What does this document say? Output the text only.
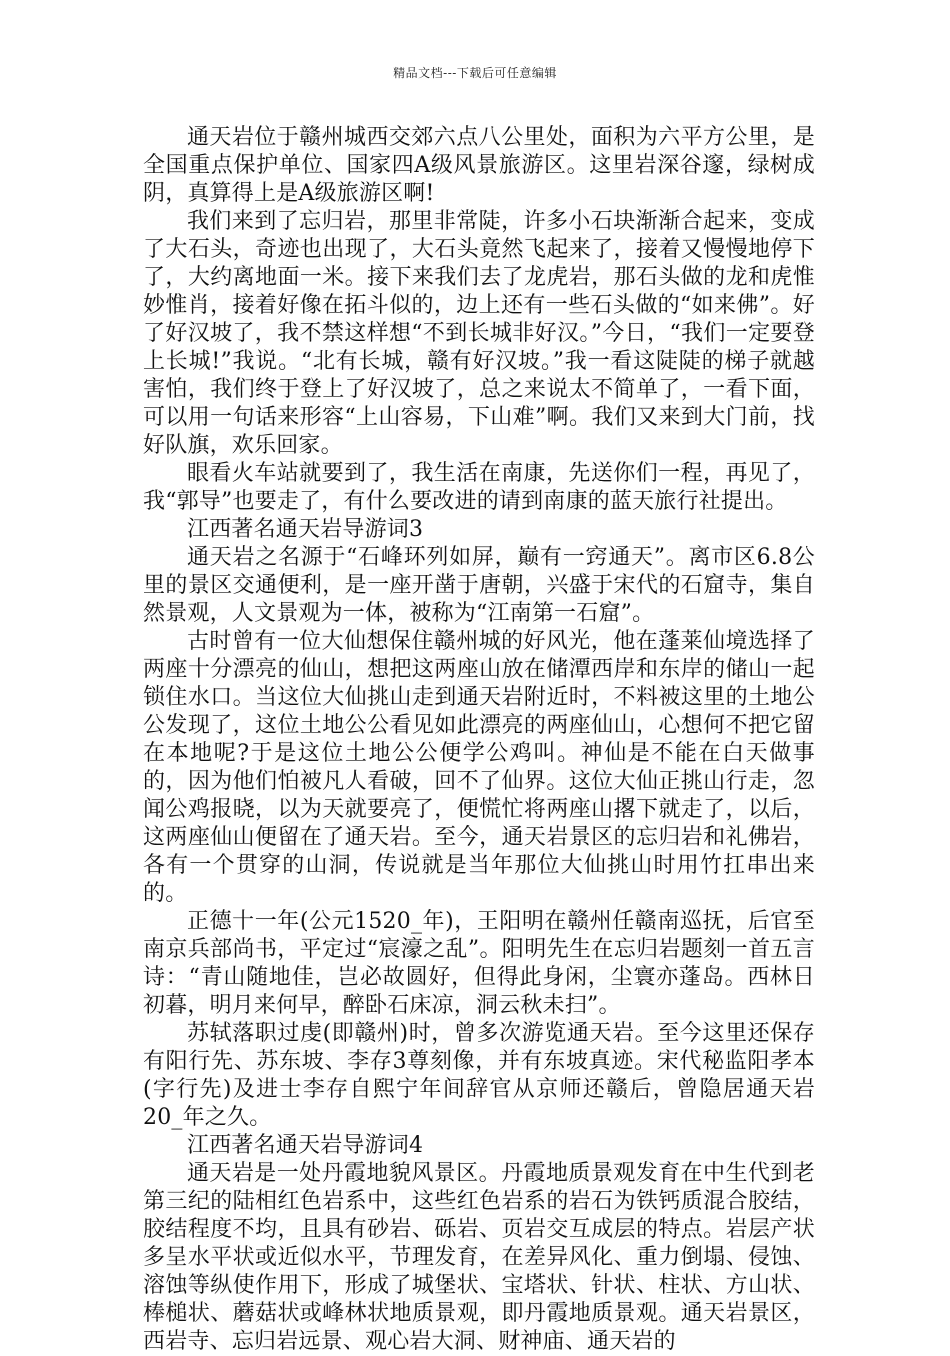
精品文档---下载后可任意编辑

通天岩位于赣州城西交郊六点八公里处，面积为六平方公里，是全国重点保护单位、国家四A级风景旅游区。这里岩深谷邃，绿树成阴，真算得上是A级旅游区啊!

我们来到了忘归岩，那里非常陡，许多小石块渐渐合起来，变成了大石头，奇迹也出现了，大石头竟然飞起来了，接着又慢慢地停下了，大约离地面一米。接下来我们去了龙虎岩，那石头做的龙和虎惟妙惟肖，接着好像在拓斗似的，边上还有一些石头做的“如来佛”。好了好汉坡了，我不禁这样想“不到长城非好汉。”今日，“我们一定要登上长城!”我说。“北有长城，赣有好汉坡。”我一看这陡陡的梯子就越害怕，我们终于登上了好汉坡了，总之来说太不简单了，一看下面，可以用一句话来形容“上山容易，下山难”啊。我们又来到大门前，找好队旗，欢乐回家。

眼看火车站就要到了，我生活在南康，先送你们一程，再见了，我“郭导”也要走了，有什么要改进的请到南康的蓝天旅行社提出。

江西著名通天岩导游词3

通天岩之名源于“石峰环列如屏，巅有一窍通天”。离市区6.8公里的景区交通便利，是一座开凿于唐朝，兴盛于宋代的石窟寺，集自然景观，人文景观为一体，被称为“江南第一石窟”。

古时曾有一位大仙想保住赣州城的好风光，他在蓬莱仙境选择了两座十分漂亮的仙山，想把这两座山放在储潭西岸和东岸的储山一起锁住水口。当这位大仙挑山走到通天岩附近时，不料被这里的土地公公发现了，这位土地公公看见如此漂亮的两座仙山，心想何不把它留在本地呢?于是这位土地公公便学公鸡叫。神仙是不能在白天做事的，因为他们怕被凡人看破，回不了仙界。这位大仙正挑山行走，忽闻公鸡报晓，以为天就要亮了，便慌忙将两座山撂下就走了，以后，这两座仙山便留在了通天岩。至今，通天岩景区的忘归岩和礼佛岩，各有一个贯穿的山洞，传说就是当年那位大仙挑山时用竹扛串出来的。

正德十一年(公元1520_年)，王阳明在赣州任赣南巡抚，后官至南京兵部尚书，平定过“宸濠之乱”。阳明先生在忘归岩题刻一首五言诗：“青山随地佳，岂必故圆好，但得此身闲，尘寰亦蓬岛。西林日初暮，明月来何早，醉卧石床凉，洞云秋未扫”。

苏轼落职过虔(即赣州)时，曾多次游览通天岩。至今这里还保存有阳行先、苏东坡、李存3尊刻像，并有东坡真迹。宋代秘监阳孝本(字行先)及进士李存自熙宁年间辞官从京师还赣后，曾隐居通天岩20_年之久。

江西著名通天岩导游词4

通天岩是一处丹霞地貌风景区。丹霞地质景观发育在中生代到老第三纪的陆相红色岩系中，这些红色岩系的岩石为铁钙质混合胶结，胶结程度不均，且具有砂岩、砾岩、页岩交互成层的特点。岩层产状多呈水平状或近似水平，节理发育，在差异风化、重力倒塌、侵蚀、溶蚀等纵使作用下，形成了城堡状、宝塔状、针状、柱状、方山状、棒槌状、蘑菇状或峰林状地质景观，即丹霞地质景观。通天岩景区，西岩寺、忘归岩远景、观心岩大洞、财神庙、通天岩的
